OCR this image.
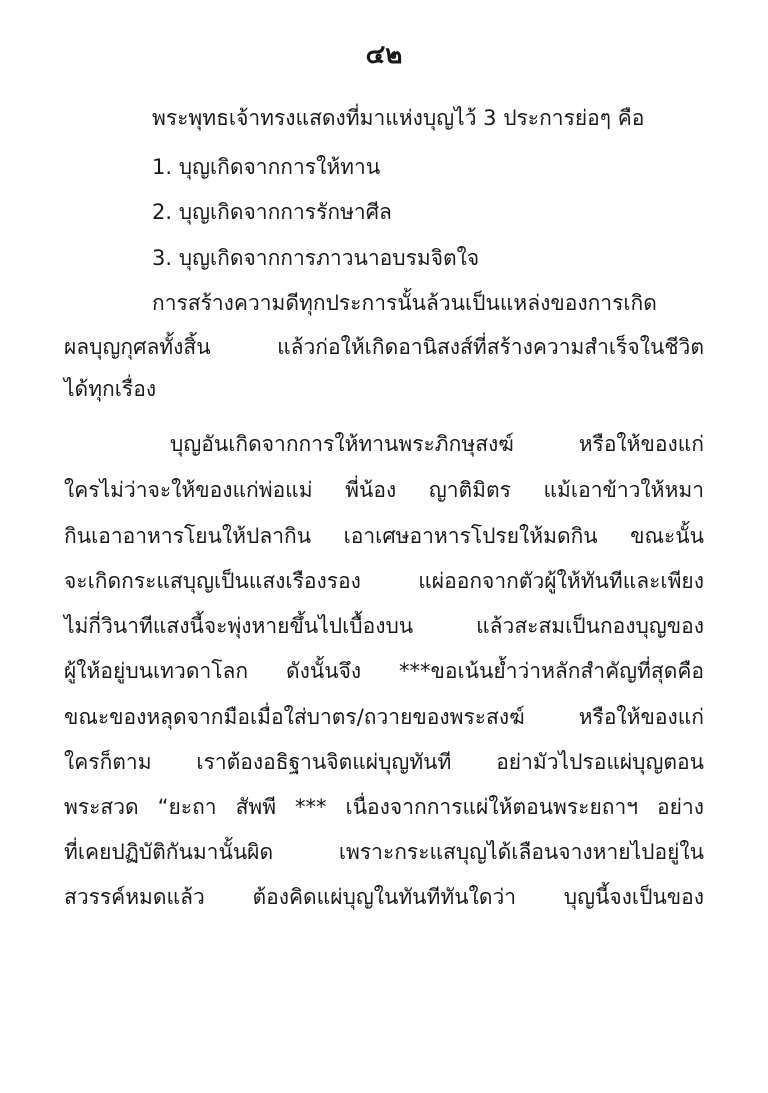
๔๒
พระพุทธเจ้าทรงแสดงที่มาแห่งบุญไว้ 3 ประการย่อๆ คือ
1. บุญเกิดจากการให้ทาน
2. บุญเกิดจากการรักษาศีล
3. บุญเกิดจากการภาวนาอบรมจิตใจ
การสร้างความดีทุกประการนั้นล้วนเป็นแหล่งของการเกิด
ผลบุญกุศลทั้งสิ้น แล้วก่อให้เกิดอานิสงส์ที่สร้างความสำเร็จในชีวิต
ได้ทุกเรื่อง
บุญอันเกิดจากการให้ทานพระภิกษุสงฆ์ หรือให้ของแก่
ใครไม่ว่าจะให้ของแก่พ่อแม่ พี่น้อง ญาติมิตร แม้เอาข้าวให้หมา
กินเอาอาหารโยนให้ปลากิน เอาเศษอาหารโปรยให้มดกิน ขณะนั้น
จะเกิดกระแสบุญเป็นแสงเรืองรอง แผ่ออกจากตัวผู้ให้ทันทีและเพียง
ไม่กี่วินาทีแสงนี้จะพุ่งหายขึ้นไปเบื้องบน แล้วสะสมเป็นกองบุญของ
ผู้ให้อยู่บนเทวดาโลก ดังนั้นจึง ***ขอเน้นย้ำว่าหลักสำคัญที่สุดคือ
ขณะของหลุดจากมือเมื่อใส่บาตร/ถวายของพระสงฆ์ หรือให้ของแก่
ใครก็ตาม เราต้องอธิฐานจิตแผ่บุญทันที อย่ามัวไปรอแผ่บุญตอน
พระสวด “ยะถา สัพพี *** เนื่องจากการแผ่ให้ตอนพระยถาฯ อย่าง
ที่เคยปฏิบัติกันมานั้นผิด เพราะกระแสบุญได้เลือนจางหายไปอยู่ใน
สวรรค์หมดแล้ว ต้องคิดแผ่บุญในทันทีทันใดว่า บุญนี้จงเป็นของ
